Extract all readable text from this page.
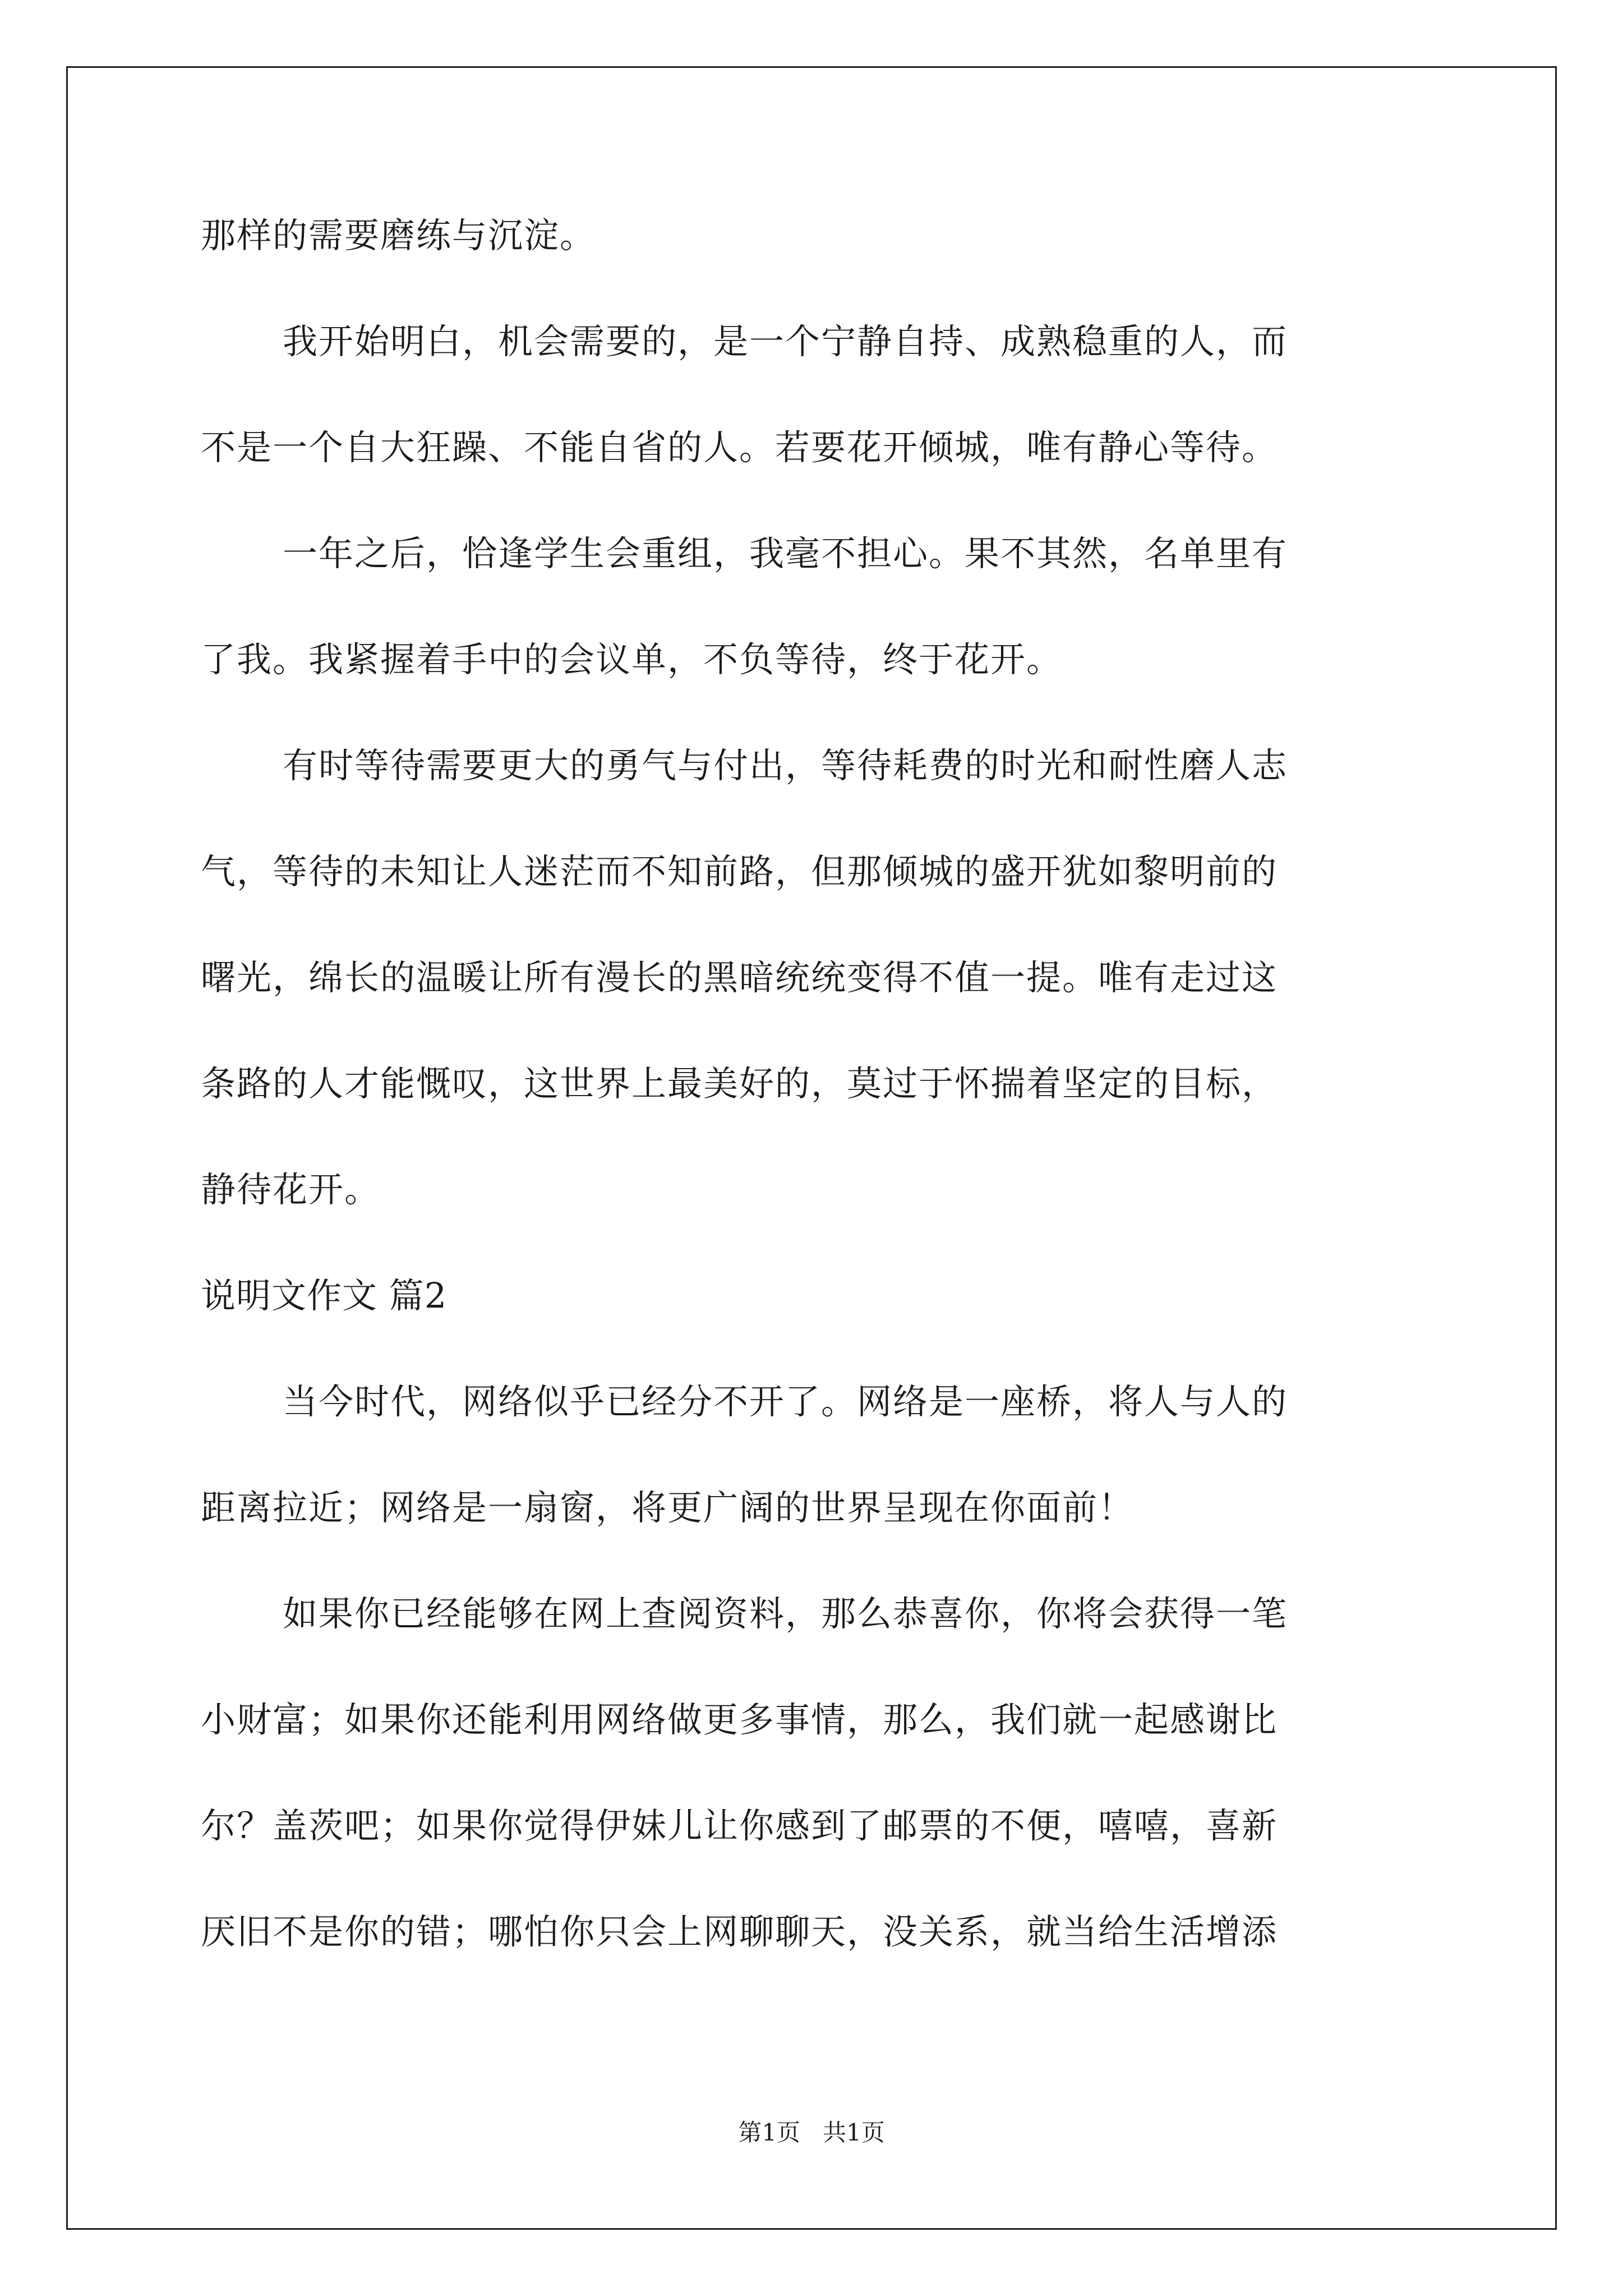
那样的需要磨练与沉淀。
我开始明白，机会需要的，是一个宁静自持、成熟稳重的人，而
不是一个自大狂躁、不能自省的人。若要花开倾城，唯有静心等待。
一年之后，恰逢学生会重组，我毫不担心。果不其然，名单里有
了我。我紧握着手中的会议单，不负等待，终于花开。
有时等待需要更大的勇气与付出，等待耗费的时光和耐性磨人志
气，等待的未知让人迷茫而不知前路，但那倾城的盛开犹如黎明前的
曙光，绵长的温暖让所有漫长的黑暗统统变得不值一提。唯有走过这
条路的人才能慨叹，这世界上最美好的，莫过于怀揣着坚定的目标，
静待花开。
说明文作文 篇2
当今时代，网络似乎已经分不开了。网络是一座桥，将人与人的
距离拉近；网络是一扇窗，将更广阔的世界呈现在你面前！
如果你已经能够在网上查阅资料，那么恭喜你，你将会获得一笔
小财富；如果你还能利用网络做更多事情，那么，我们就一起感谢比
尔？盖茨吧；如果你觉得伊妹儿让你感到了邮票的不便，嘻嘻，喜新
厌旧不是你的错；哪怕你只会上网聊聊天，没关系，就当给生活增添
第1页   共1页
